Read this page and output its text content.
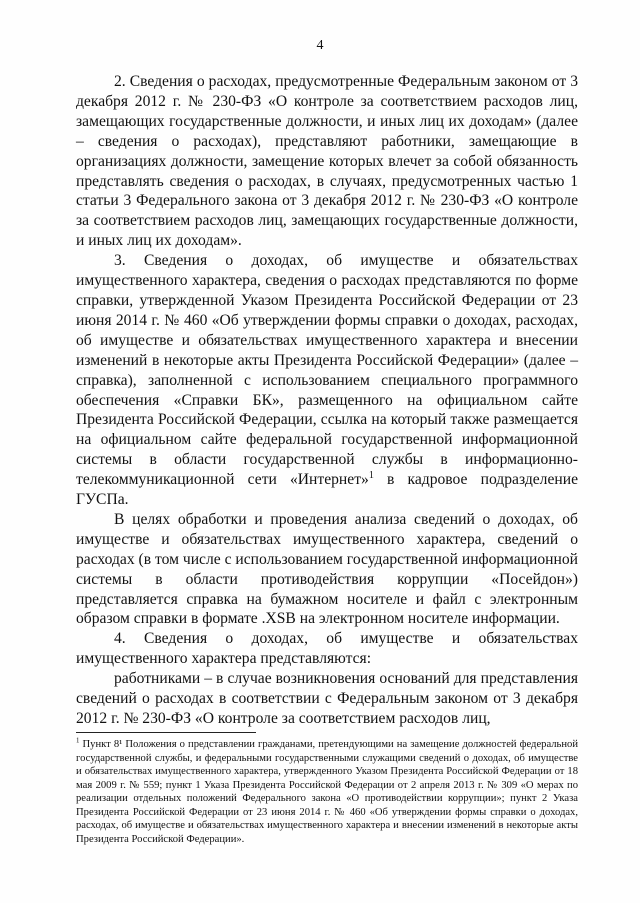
4

2. Сведения о расходах, предусмотренные Федеральным законом от 3 декабря 2012 г. № 230-ФЗ «О контроле за соответствием расходов лиц, замещающих государственные должности, и иных лиц их доходам» (далее – сведения о расходах), представляют работники, замещающие в организациях должности, замещение которых влечет за собой обязанность представлять сведения о расходах, в случаях, предусмотренных частью 1 статьи 3 Федерального закона от 3 декабря 2012 г. № 230-ФЗ «О контроле за соответствием расходов лиц, замещающих государственные должности, и иных лиц их доходам».

3. Сведения о доходах, об имуществе и обязательствах имущественного характера, сведения о расходах представляются по форме справки, утвержденной Указом Президента Российской Федерации от 23 июня 2014 г. № 460 «Об утверждении формы справки о доходах, расходах, об имуществе и обязательствах имущественного характера и внесении изменений в некоторые акты Президента Российской Федерации» (далее – справка), заполненной с использованием специального программного обеспечения «Справки БК», размещенного на официальном сайте Президента Российской Федерации, ссылка на который также размещается на официальном сайте федеральной государственной информационной системы в области государственной службы в информационно-телекоммуникационной сети «Интернет»$^1$ в кадровое подразделение ГУСПа.

В целях обработки и проведения анализа сведений о доходах, об имуществе и обязательствах имущественного характера, сведений о расходах (в том числе с использованием государственной информационной системы в области противодействия коррупции «Посейдон») представляется справка на бумажном носителе и файл с электронным образом справки в формате .XSB на электронном носителе информации.

4. Сведения о доходах, об имуществе и обязательствах имущественного характера представляются:

работниками – в случае возникновения оснований для представления сведений о расходах в соответствии с Федеральным законом от 3 декабря 2012 г. № 230-ФЗ «О контроле за соответствием расходов лиц,

$^1$ Пункт 8¹ Положения о представлении гражданами, претендующими на замещение должностей федеральной государственной службы, и федеральными государственными служащими сведений о доходах, об имуществе и обязательствах имущественного характера, утвержденного Указом Президента Российской Федерации от 18 мая 2009 г. № 559; пункт 1 Указа Президента Российской Федерации от 2 апреля 2013 г. № 309 «О мерах по реализации отдельных положений Федерального закона «О противодействии коррупции»; пункт 2 Указа Президента Российской Федерации от 23 июня 2014 г. № 460 «Об утверждении формы справки о доходах, расходах, об имуществе и обязательствах имущественного характера и внесении изменений в некоторые акты Президента Российской Федерации».
